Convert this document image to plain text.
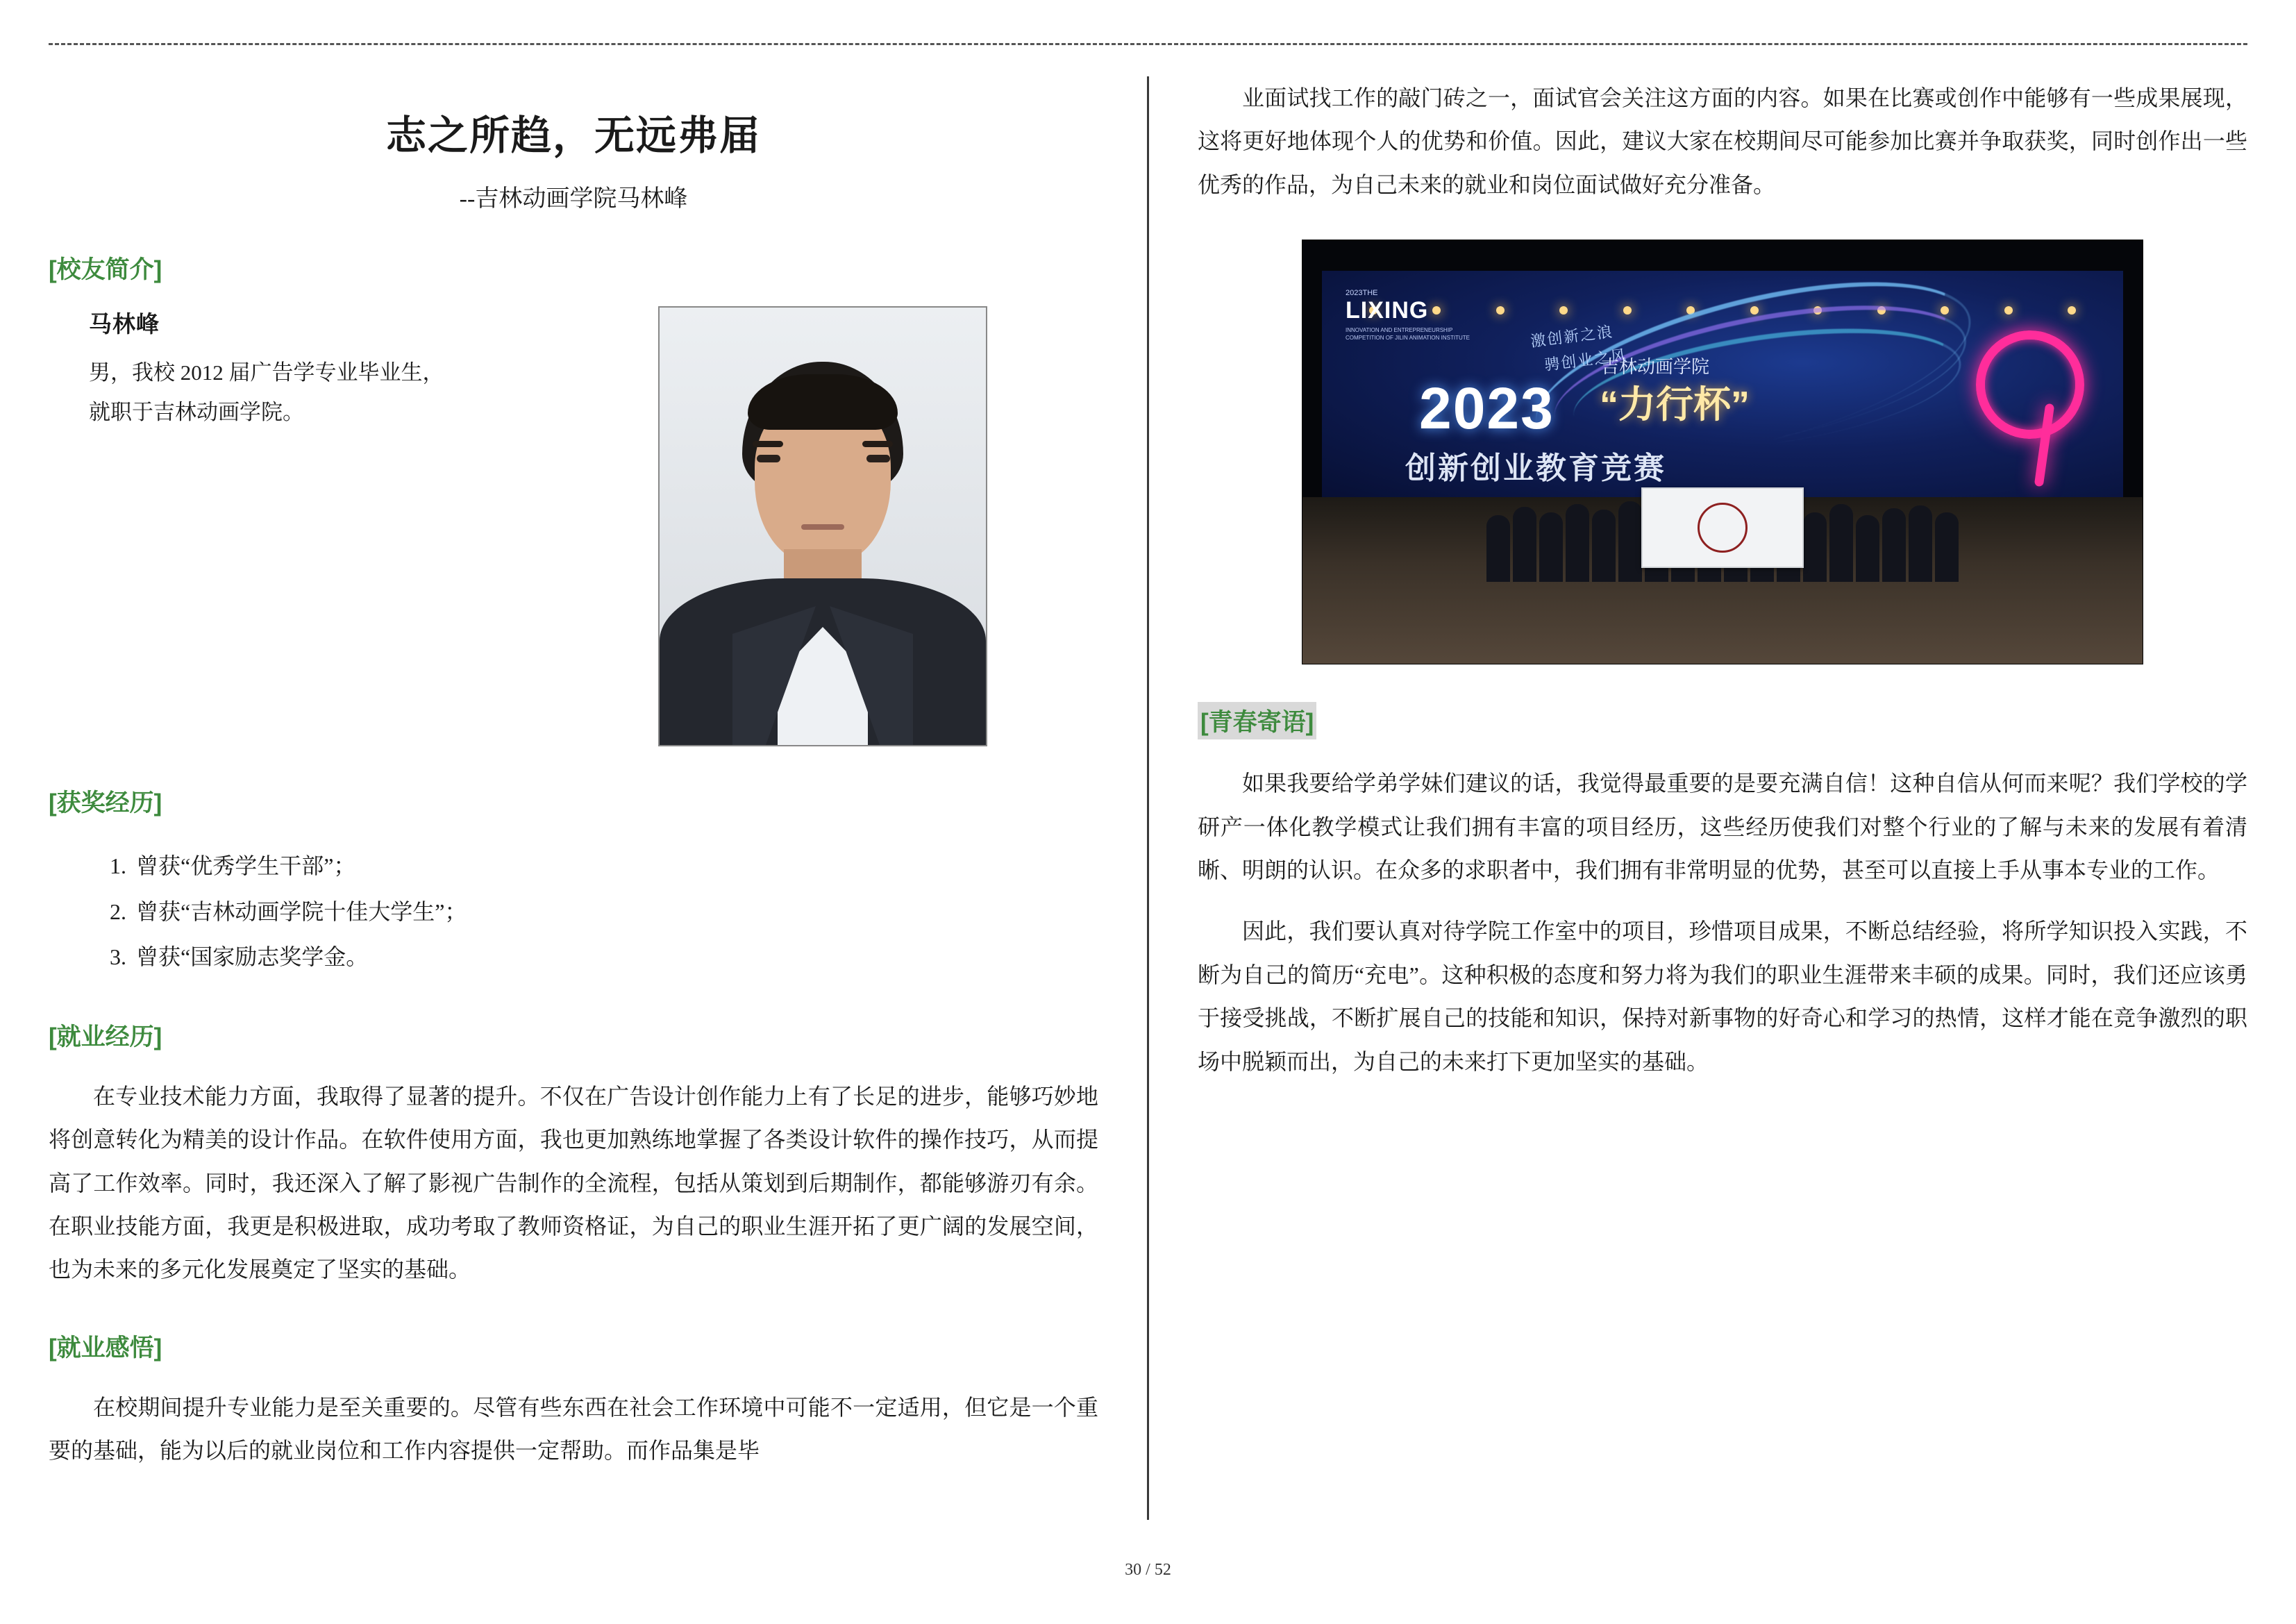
志之所趋，无远弗届
--吉林动画学院马林峰
[校友简介]
马林峰
男，我校 2012 届广告学专业毕业生，
就职于吉林动画学院。
[获奖经历]
1. 曾获“优秀学生干部”；
2. 曾获“吉林动画学院十佳大学生”；
3. 曾获“国家励志奖学金。
[就业经历]

在专业技术能力方面，我取得了显著的提升。不仅在广告设计创作能力上有了长足的进步，能够巧妙地将创意转化为精美的设计作品。在软件使用方面，我也更加熟练地掌握了各类设计软件的操作技巧，从而提高了工作效率。同时，我还深入了解了影视广告制作的全流程，包括从策划到后期制作，都能够游刃有余。在职业技能方面，我更是积极进取，成功考取了教师资格证，为自己的职业生涯开拓了更广阔的发展空间，也为未来的多元化发展奠定了坚实的基础。

[就业感悟]

在校期间提升专业能力是至关重要的。尽管有些东西在社会工作环境中可能不一定适用，但它是一个重要的基础，能为以后的就业岗位和工作内容提供一定帮助。而作品集是毕

业面试找工作的敲门砖之一，面试官会关注这方面的内容。如果在比赛或创作中能够有一些成果展现，这将更好地体现个人的优势和价值。因此，建议大家在校期间尽可能参加比赛并争取获奖，同时创作出一些优秀的作品，为自己未来的就业和岗位面试做好充分准备。

2023THE
LIXING
INNOVATION AND ENTREPRENEURSHIP COMPETITION OF JILIN ANIMATION INSTITUTE	激创新之浪
骋创业之风
吉林动画学院
2023 “力行杯”
创新创业教育竞赛
[青春寄语]

如果我要给学弟学妹们建议的话，我觉得最重要的是要充满自信！这种自信从何而来呢？我们学校的学研产一体化教学模式让我们拥有丰富的项目经历，这些经历使我们对整个行业的了解与未来的发展有着清晰、明朗的认识。在众多的求职者中，我们拥有非常明显的优势，甚至可以直接上手从事本专业的工作。

因此，我们要认真对待学院工作室中的项目，珍惜项目成果，不断总结经验，将所学知识投入实践，不断为自己的简历“充电”。这种积极的态度和努力将为我们的职业生涯带来丰硕的成果。同时，我们还应该勇于接受挑战，不断扩展自己的技能和知识，保持对新事物的好奇心和学习的热情，这样才能在竞争激烈的职场中脱颖而出，为自己的未来打下更加坚实的基础。

30 / 52
